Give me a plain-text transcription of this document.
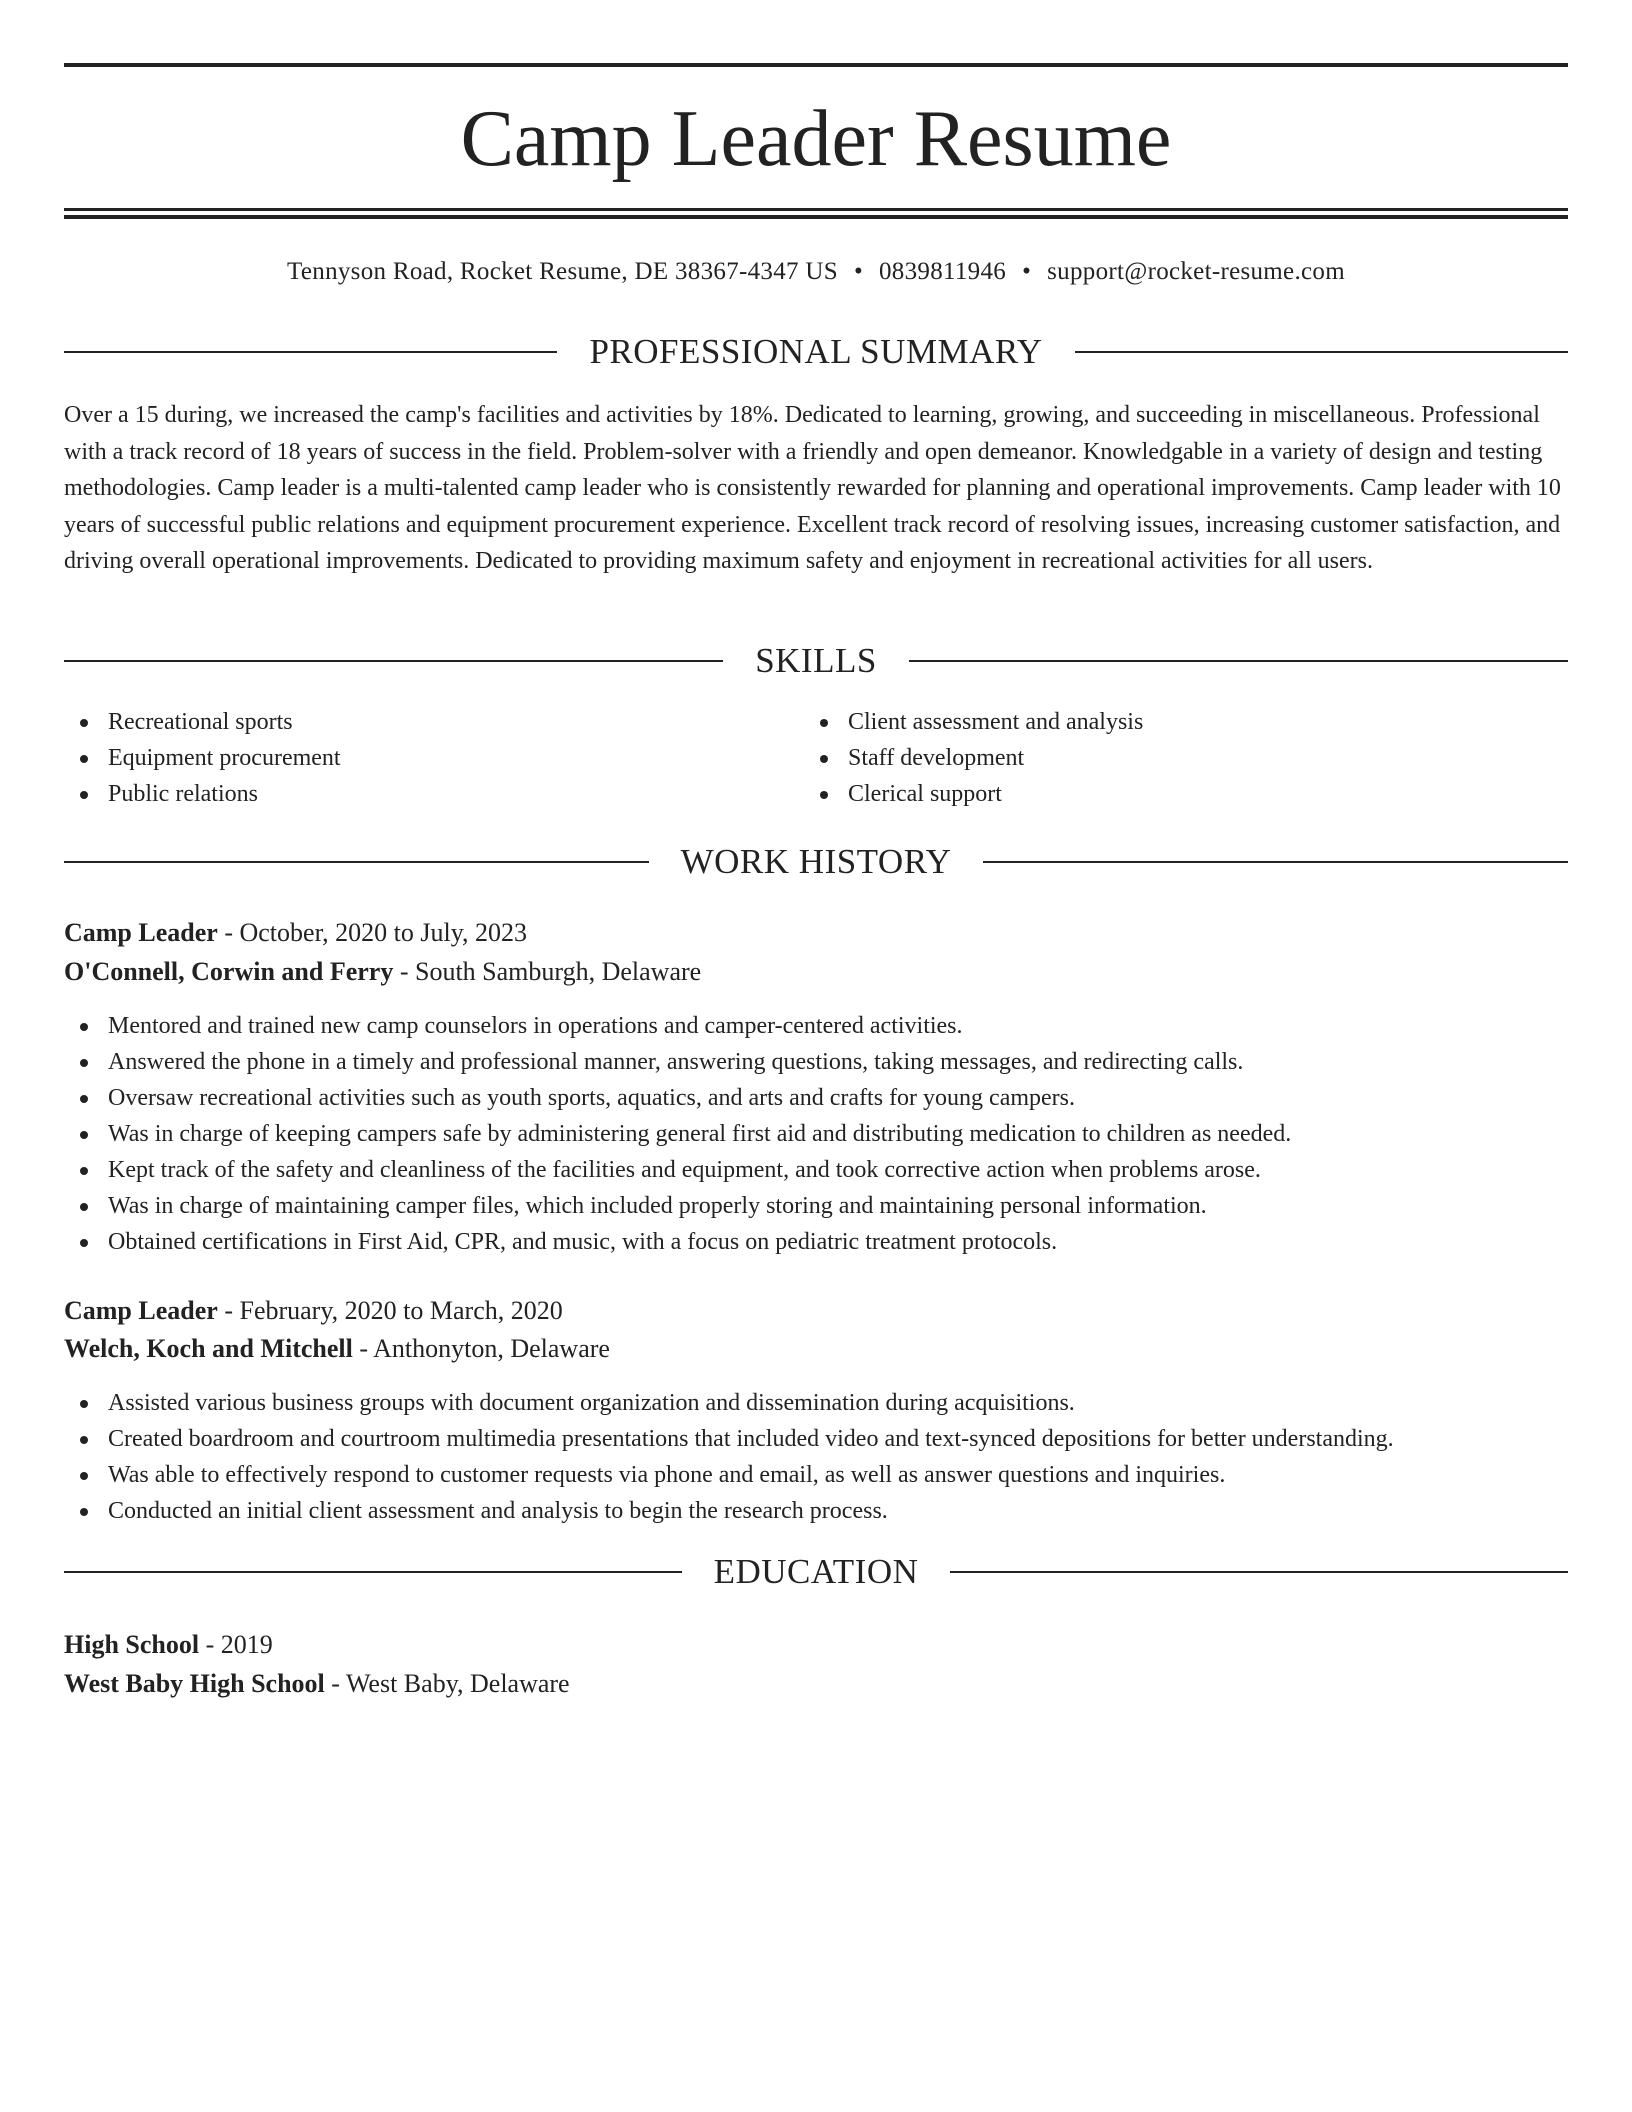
Camp Leader Resume
Tennyson Road, Rocket Resume, DE 38367-4347 US • 0839811946 • support@rocket-resume.com
PROFESSIONAL SUMMARY

Over a 15 during, we increased the camp's facilities and activities by 18%. Dedicated to learning, growing, and succeeding in miscellaneous. Professional with a track record of 18 years of success in the field. Problem-solver with a friendly and open demeanor. Knowledgable in a variety of design and testing methodologies. Camp leader is a multi-talented camp leader who is consistently rewarded for planning and operational improvements. Camp leader with 10 years of successful public relations and equipment procurement experience. Excellent track record of resolving issues, increasing customer satisfaction, and driving overall operational improvements. Dedicated to providing maximum safety and enjoyment in recreational activities for all users.

SKILLS
Recreational sports
Equipment procurement
Public relations
Client assessment and analysis
Staff development
Clerical support
WORK HISTORY
Camp Leader - October, 2020 to July, 2023
O'Connell, Corwin and Ferry - South Samburgh, Delaware
Mentored and trained new camp counselors in operations and camper-centered activities.
Answered the phone in a timely and professional manner, answering questions, taking messages, and redirecting calls.
Oversaw recreational activities such as youth sports, aquatics, and arts and crafts for young campers.
Was in charge of keeping campers safe by administering general first aid and distributing medication to children as needed.
Kept track of the safety and cleanliness of the facilities and equipment, and took corrective action when problems arose.
Was in charge of maintaining camper files, which included properly storing and maintaining personal information.
Obtained certifications in First Aid, CPR, and music, with a focus on pediatric treatment protocols.
Camp Leader - February, 2020 to March, 2020
Welch, Koch and Mitchell - Anthonyton, Delaware
Assisted various business groups with document organization and dissemination during acquisitions.
Created boardroom and courtroom multimedia presentations that included video and text-synced depositions for better understanding.
Was able to effectively respond to customer requests via phone and email, as well as answer questions and inquiries.
Conducted an initial client assessment and analysis to begin the research process.
EDUCATION
High School - 2019
West Baby High School - West Baby, Delaware
